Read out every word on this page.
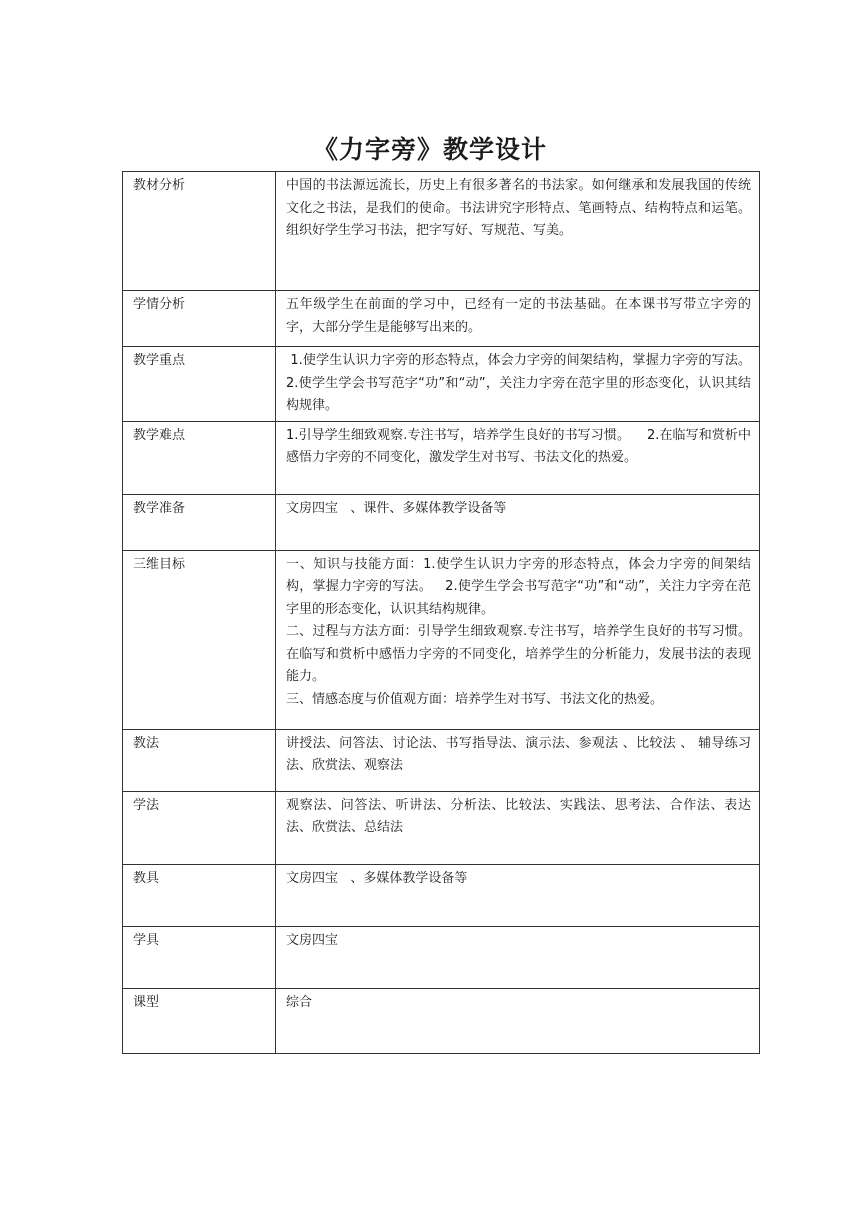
《力字旁》教学设计
教材分析	中国的书法源远流长，历史上有很多著名的书法家。如何继承和发展我国的传统文化之书法，是我们的使命。书法讲究字形特点、笔画特点、结构特点和运笔。组织好学生学习书法，把字写好、写规范、写美。
学情分析	五年级学生在前面的学习中，已经有一定的书法基础。在本课书写带立字旁的字，大部分学生是能够写出来的。
教学重点	1.使学生认识力字旁的形态特点，体会力字旁的间架结构，掌握力字旁的写法。   2.使学生学会书写范字“功”和“动”，关注力字旁在范字里的形态变化，认识其结构规律。
教学难点	1.引导学生细致观察.专注书写，培养学生良好的书写习惯。    2.在临写和赏析中感悟力字旁的不同变化，激发学生对书写、书法文化的热爱。
教学准备	文房四宝   、课件、多媒体教学设备等
三维目标	一、知识与技能方面：1.使学生认识力字旁的形态特点，体会力字旁的间架结构，掌握力字旁的写法。   2.使学生学会书写范字“功”和“动”，关注力字旁在范字里的形态变化，认识其结构规律。
二、过程与方法方面：引导学生细致观察.专注书写，培养学生良好的书写习惯。     在临写和赏析中感悟力字旁的不同变化，培养学生的分析能力，发展书法的表现能力。
三、情感态度与价值观方面：培养学生对书写、书法文化的热爱。

教法	讲授法、问答法、讨论法、书写指导法、演示法、参观法 、比较法 、 辅导练习法、欣赏法、观察法
学法	观察法、问答法、听讲法、分析法、比较法、实践法、思考法、合作法、表达法、欣赏法、总结法
教具	文房四宝   、多媒体教学设备等
学具	文房四宝
课型	综合
